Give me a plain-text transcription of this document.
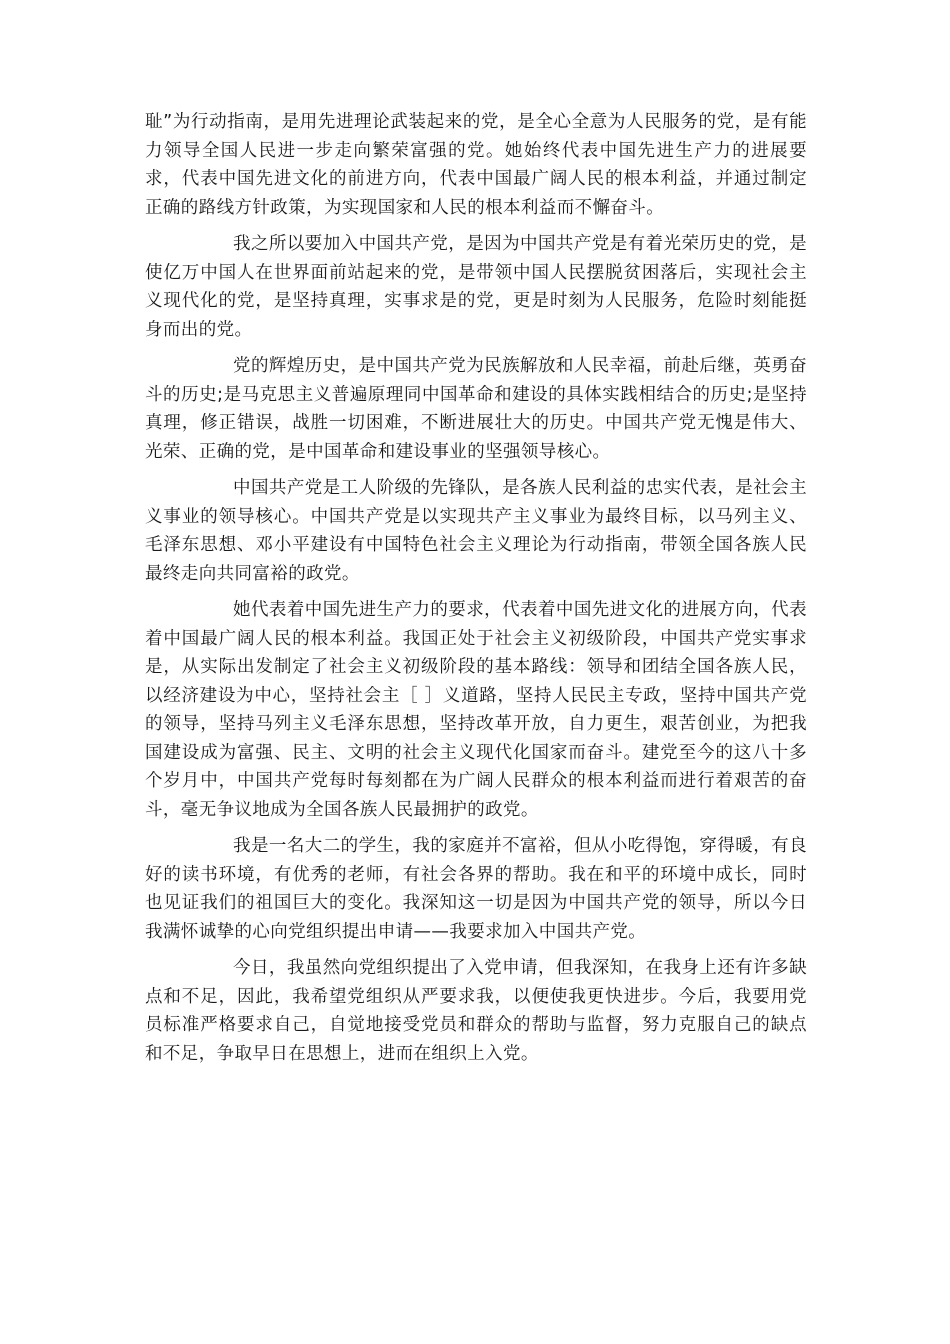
耻”为行动指南，是用先进理论武装起来的党，是全心全意为人民服务的党，是有能力领导全国人民进一步走向繁荣富强的党。她始终代表中国先进生产力的进展要求，代表中国先进文化的前进方向，代表中国最广阔人民的根本利益，并通过制定正确的路线方针政策，为实现国家和人民的根本利益而不懈奋斗。

我之所以要加入中国共产党，是因为中国共产党是有着光荣历史的党，是使亿万中国人在世界面前站起来的党，是带领中国人民摆脱贫困落后，实现社会主义现代化的党，是坚持真理，实事求是的党，更是时刻为人民服务，危险时刻能挺身而出的党。

党的辉煌历史，是中国共产党为民族解放和人民幸福，前赴后继，英勇奋斗的历史;是马克思主义普遍原理同中国革命和建设的具体实践相结合的历史;是坚持真理，修正错误，战胜一切困难，不断进展壮大的历史。中国共产党无愧是伟大、光荣、正确的党，是中国革命和建设事业的坚强领导核心。

中国共产党是工人阶级的先锋队，是各族人民利益的忠实代表，是社会主义事业的领导核心。中国共产党是以实现共产主义事业为最终目标，以马列主义、毛泽东思想、邓小平建设有中国特色社会主义理论为行动指南，带领全国各族人民最终走向共同富裕的政党。

她代表着中国先进生产力的要求，代表着中国先进文化的进展方向，代表着中国最广阔人民的根本利益。我国正处于社会主义初级阶段，中国共产党实事求是，从实际出发制定了社会主义初级阶段的基本路线：领导和团结全国各族人民，以经济建设为中心，坚持社会主［ ］义道路，坚持人民民主专政，坚持中国共产党的领导，坚持马列主义毛泽东思想，坚持改革开放，自力更生，艰苦创业，为把我国建设成为富强、民主、文明的社会主义现代化国家而奋斗。建党至今的这八十多个岁月中，中国共产党每时每刻都在为广阔人民群众的根本利益而进行着艰苦的奋斗，毫无争议地成为全国各族人民最拥护的政党。

我是一名大二的学生，我的家庭并不富裕，但从小吃得饱，穿得暖，有良好的读书环境，有优秀的老师，有社会各界的帮助。我在和平的环境中成长，同时也见证我们的祖国巨大的变化。我深知这一切是因为中国共产党的领导，所以今日我满怀诚挚的心向党组织提出申请——我要求加入中国共产党。

今日，我虽然向党组织提出了入党申请，但我深知，在我身上还有许多缺点和不足，因此，我希望党组织从严要求我，以便使我更快进步。今后，我要用党员标准严格要求自己，自觉地接受党员和群众的帮助与监督，努力克服自己的缺点和不足，争取早日在思想上，进而在组织上入党。
